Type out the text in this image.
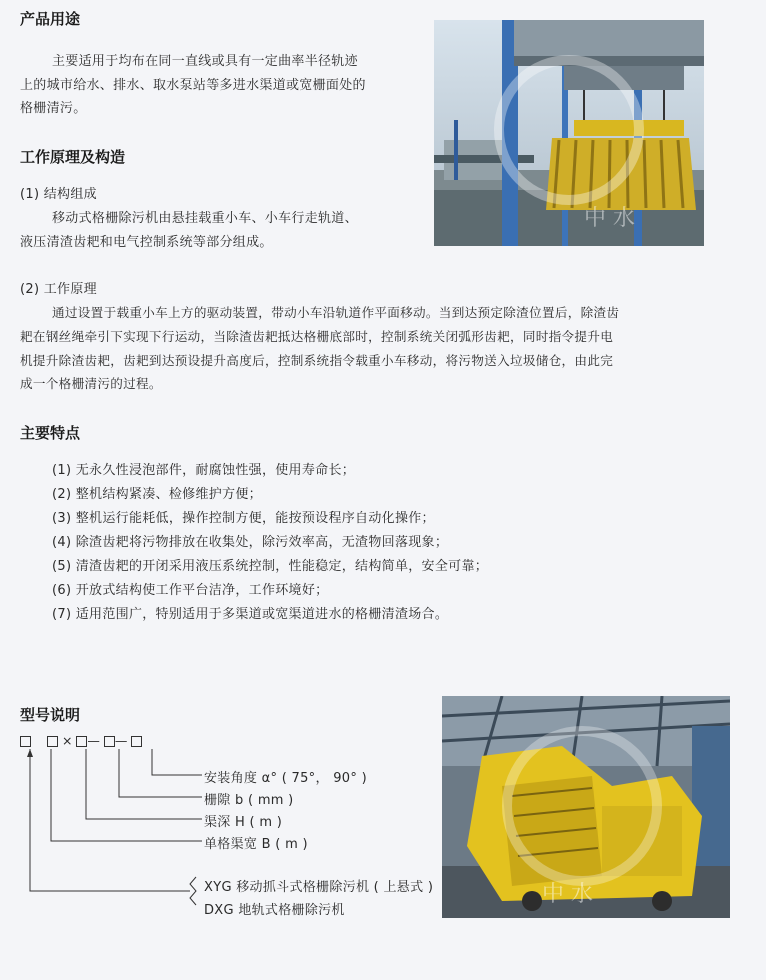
产品用途
主要适用于均布在同一直线或具有一定曲率半径轨迹
上的城市给水、排水、取水泵站等多进水渠道或宽栅面处的
格栅清污。
中 水
工作原理及构造
(1) 结构组成
移动式格栅除污机由悬挂载重小车、小车行走轨道、
液压清渣齿耙和电气控制系统等部分组成。
(2) 工作原理
通过设置于载重小车上方的驱动装置，带动小车沿轨道作平面移动。当到达预定除渣位置后，除渣齿
耙在钢丝绳牵引下实现下行运动，当除渣齿耙抵达格栅底部时，控制系统关闭弧形齿耙，同时指令提升电
机提升除渣齿耙，齿耙到达预设提升高度后，控制系统指令载重小车移动，将污物送入垃圾储仓，由此完
成一个格栅清污的过程。
主要特点
(1) 无永久性浸泡部件，耐腐蚀性强，使用寿命长；
(2) 整机结构紧凑、检修维护方便；
(3) 整机运行能耗低，操作控制方便，能按预设程序自动化操作；
(4) 除渣齿耙将污物排放在收集处，除污效率高，无渣物回落现象；
(5) 清渣齿耙的开闭采用液压系统控制，性能稳定，结构简单，安全可靠；
(6) 开放式结构使工作平台洁净，工作环境好；
(7) 适用范围广，特别适用于多渠道或宽渠道进水的格栅清渣场合。
型号说明
× — —
安装角度 α° ( 75°， 90° )
栅隙 b ( mm )
渠深 H ( m )
单格渠宽 B ( m )
XYG 移动抓斗式格栅除污机 ( 上悬式 )
DXG 地轨式格栅除污机
中 水
